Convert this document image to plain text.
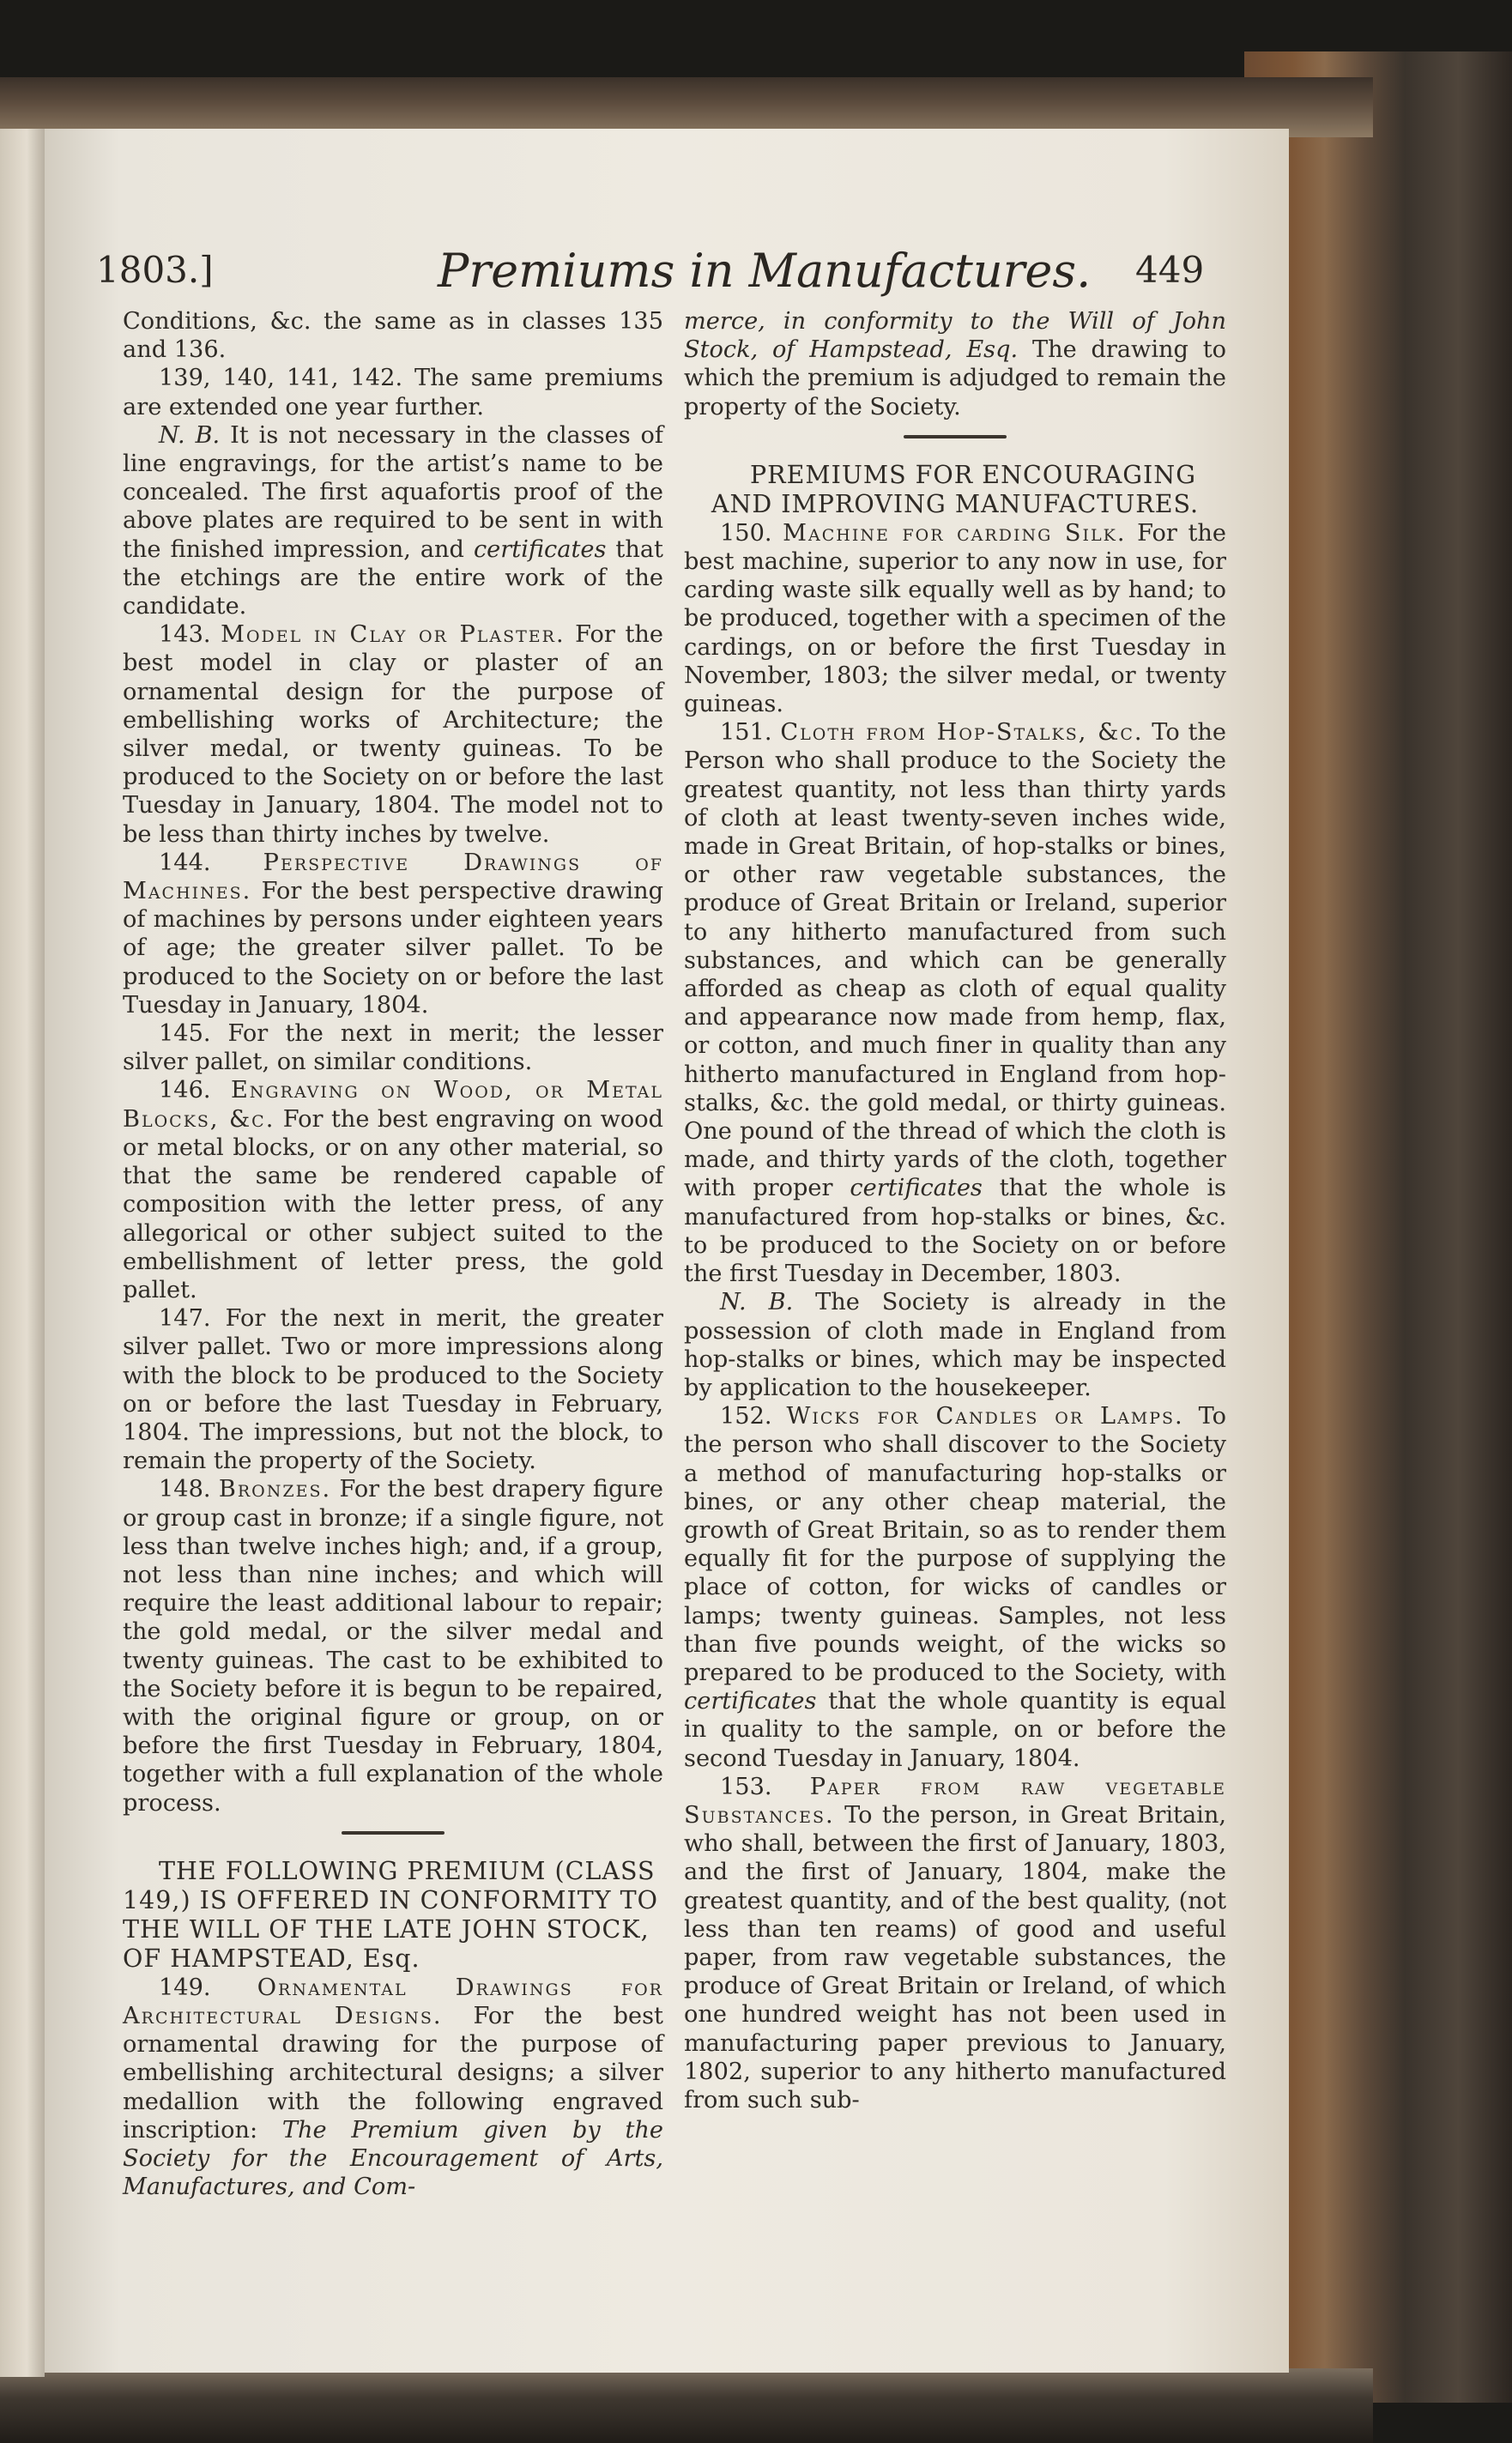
1803.]	Premiums in Manufactures. 449

Conditions, &c. the same as in classes 135 and 136.

139, 140, 141, 142. The same premiums are extended one year further.

N. B. It is not necessary in the classes of line engravings, for the artist’s name to be concealed. The first aquafortis proof of the above plates are required to be sent in with the finished impression, and certificates that the etchings are the entire work of the candidate.

143. Model in Clay or Plaster. For the best model in clay or plaster of an ornamental design for the purpose of embellishing works of Architecture; the silver medal, or twenty guineas. To be produced to the Society on or before the last Tuesday in January, 1804. The model not to be less than thirty inches by twelve.

144. Perspective Drawings of Machines. For the best perspective drawing of machines by persons under eighteen years of age; the greater silver pallet. To be produced to the Society on or before the last Tuesday in January, 1804.

145. For the next in merit; the lesser silver pallet, on similar conditions.

146. Engraving on Wood, or Metal Blocks, &c. For the best engraving on wood or metal blocks, or on any other material, so that the same be rendered capable of composition with the letter press, of any allegorical or other subject suited to the embellishment of letter press, the gold pallet.

147. For the next in merit, the greater silver pallet. Two or more impressions along with the block to be produced to the Society on or before the last Tuesday in February, 1804. The impressions, but not the block, to remain the property of the Society.

148. Bronzes. For the best drapery figure or group cast in bronze; if a single figure, not less than twelve inches high; and, if a group, not less than nine inches; and which will require the least additional labour to repair; the gold medal, or the silver medal and twenty guineas. The cast to be exhibited to the Society before it is begun to be repaired, with the original figure or group, on or before the first Tuesday in February, 1804, together with a full explanation of the whole process.

THE FOLLOWING PREMIUM (CLASS 149,) IS OFFERED IN CONFORMITY TO THE WILL OF THE LATE JOHN STOCK, OF HAMPSTEAD, Esq.

149. Ornamental Drawings for Architectural Designs. For the best ornamental drawing for the purpose of embellishing architectural designs; a silver medallion with the following engraved inscription: The Premium given by the Society for the Encouragement of Arts, Manufactures, and Com-

merce, in conformity to the Will of John Stock, of Hampstead, Esq. The drawing to which the premium is adjudged to remain the property of the Society.

PREMIUMS FOR ENCOURAGING AND IMPROVING MANUFACTURES.

150. Machine for carding Silk. For the best machine, superior to any now in use, for carding waste silk equally well as by hand; to be produced, together with a specimen of the cardings, on or before the first Tuesday in November, 1803; the silver medal, or twenty guineas.

151. Cloth from Hop-Stalks, &c. To the Person who shall produce to the Society the greatest quantity, not less than thirty yards of cloth at least twenty-seven inches wide, made in Great Britain, of hop-stalks or bines, or other raw vegetable substances, the produce of Great Britain or Ireland, superior to any hitherto manufactured from such substances, and which can be generally afforded as cheap as cloth of equal quality and appearance now made from hemp, flax, or cotton, and much finer in quality than any hitherto manufactured in England from hop-stalks, &c. the gold medal, or thirty guineas. One pound of the thread of which the cloth is made, and thirty yards of the cloth, together with proper certificates that the whole is manufactured from hop-stalks or bines, &c. to be produced to the Society on or before the first Tuesday in December, 1803.

N. B. The Society is already in the possession of cloth made in England from hop-stalks or bines, which may be inspected by application to the housekeeper.

152. Wicks for Candles or Lamps. To the person who shall discover to the Society a method of manufacturing hop-stalks or bines, or any other cheap material, the growth of Great Britain, so as to render them equally fit for the purpose of supplying the place of cotton, for wicks of candles or lamps; twenty guineas. Samples, not less than five pounds weight, of the wicks so prepared to be produced to the Society, with certificates that the whole quantity is equal in quality to the sample, on or before the second Tuesday in January, 1804.

153. Paper from raw vegetable Substances. To the person, in Great Britain, who shall, between the first of January, 1803, and the first of January, 1804, make the greatest quantity, and of the best quality, (not less than ten reams) of good and useful paper, from raw vegetable substances, the produce of Great Britain or Ireland, of which one hundred weight has not been used in manufacturing paper previous to January, 1802, superior to any hitherto manufactured from such sub-
